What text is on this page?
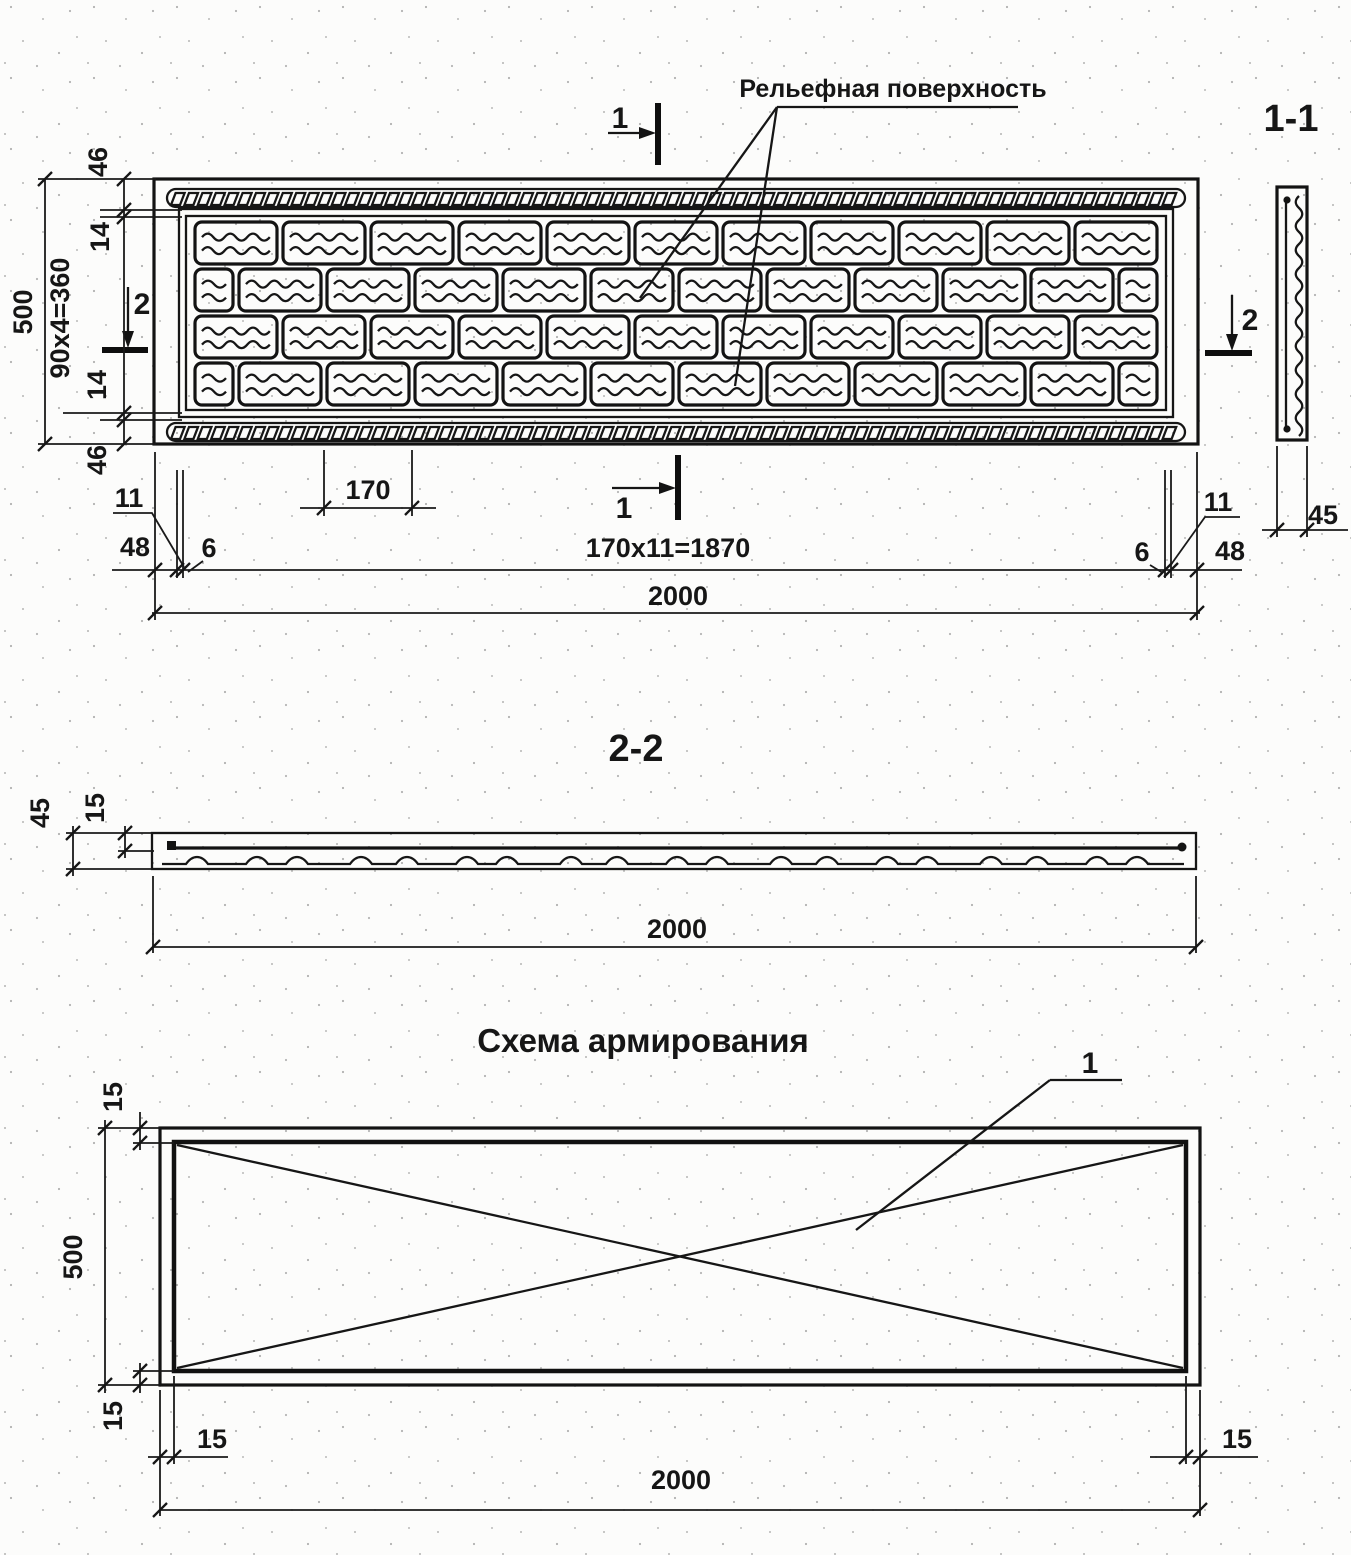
Рельефная поверхность
1
1
2	2
500
46
14
90x4=360
14
46
11
48 6
170
170x11=1870
2000
6
11
48
1-1
45
2-2
45 15
2000
Схема армирования
1
15
500
15
15	15
2000
